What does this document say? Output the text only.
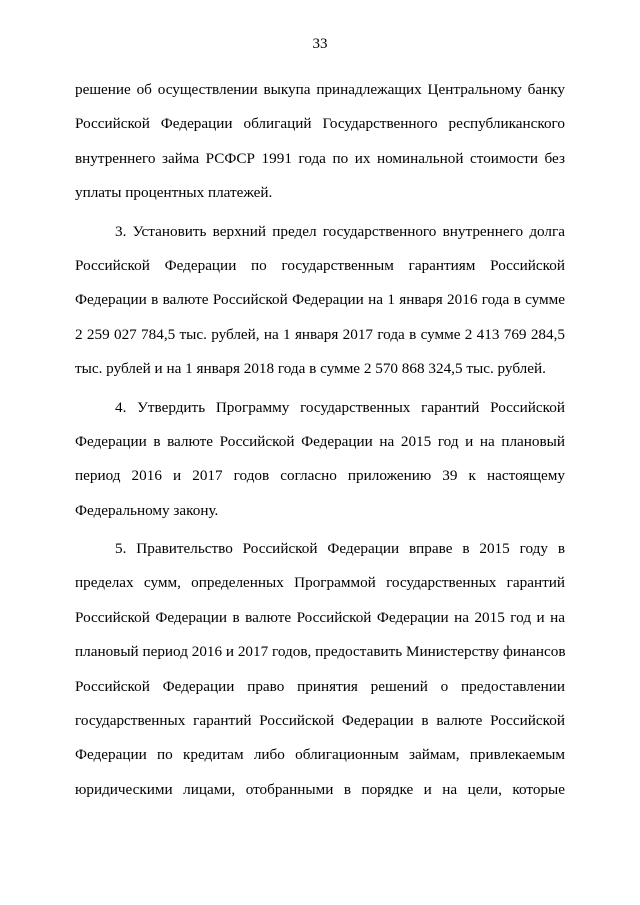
33
решение об осуществлении выкупа принадлежащих Центральному банку
Российской Федерации облигаций Государственного республиканского
внутреннего займа РСФСР 1991 года по их номинальной стоимости без
уплаты процентных платежей.
3. Установить верхний предел государственного внутреннего долга
Российской Федерации по государственным гарантиям Российской
Федерации в валюте Российской Федерации на 1 января 2016 года в сумме
2 259 027 784,5 тыс. рублей, на 1 января 2017 года в сумме 2 413 769 284,5
тыс. рублей и на 1 января 2018 года в сумме 2 570 868 324,5 тыс. рублей.
4. Утвердить Программу государственных гарантий Российской
Федерации в валюте Российской Федерации на 2015 год и на плановый
период 2016 и 2017 годов согласно приложению 39 к настоящему
Федеральному закону.
5. Правительство Российской Федерации вправе в 2015 году в
пределах сумм, определенных Программой государственных гарантий
Российской Федерации в валюте Российской Федерации на 2015 год и на
плановый период 2016 и 2017 годов, предоставить Министерству финансов
Российской Федерации право принятия решений о предоставлении
государственных гарантий Российской Федерации в валюте Российской
Федерации по кредитам либо облигационным займам, привлекаемым
юридическими лицами, отобранными в порядке и на цели, которые
